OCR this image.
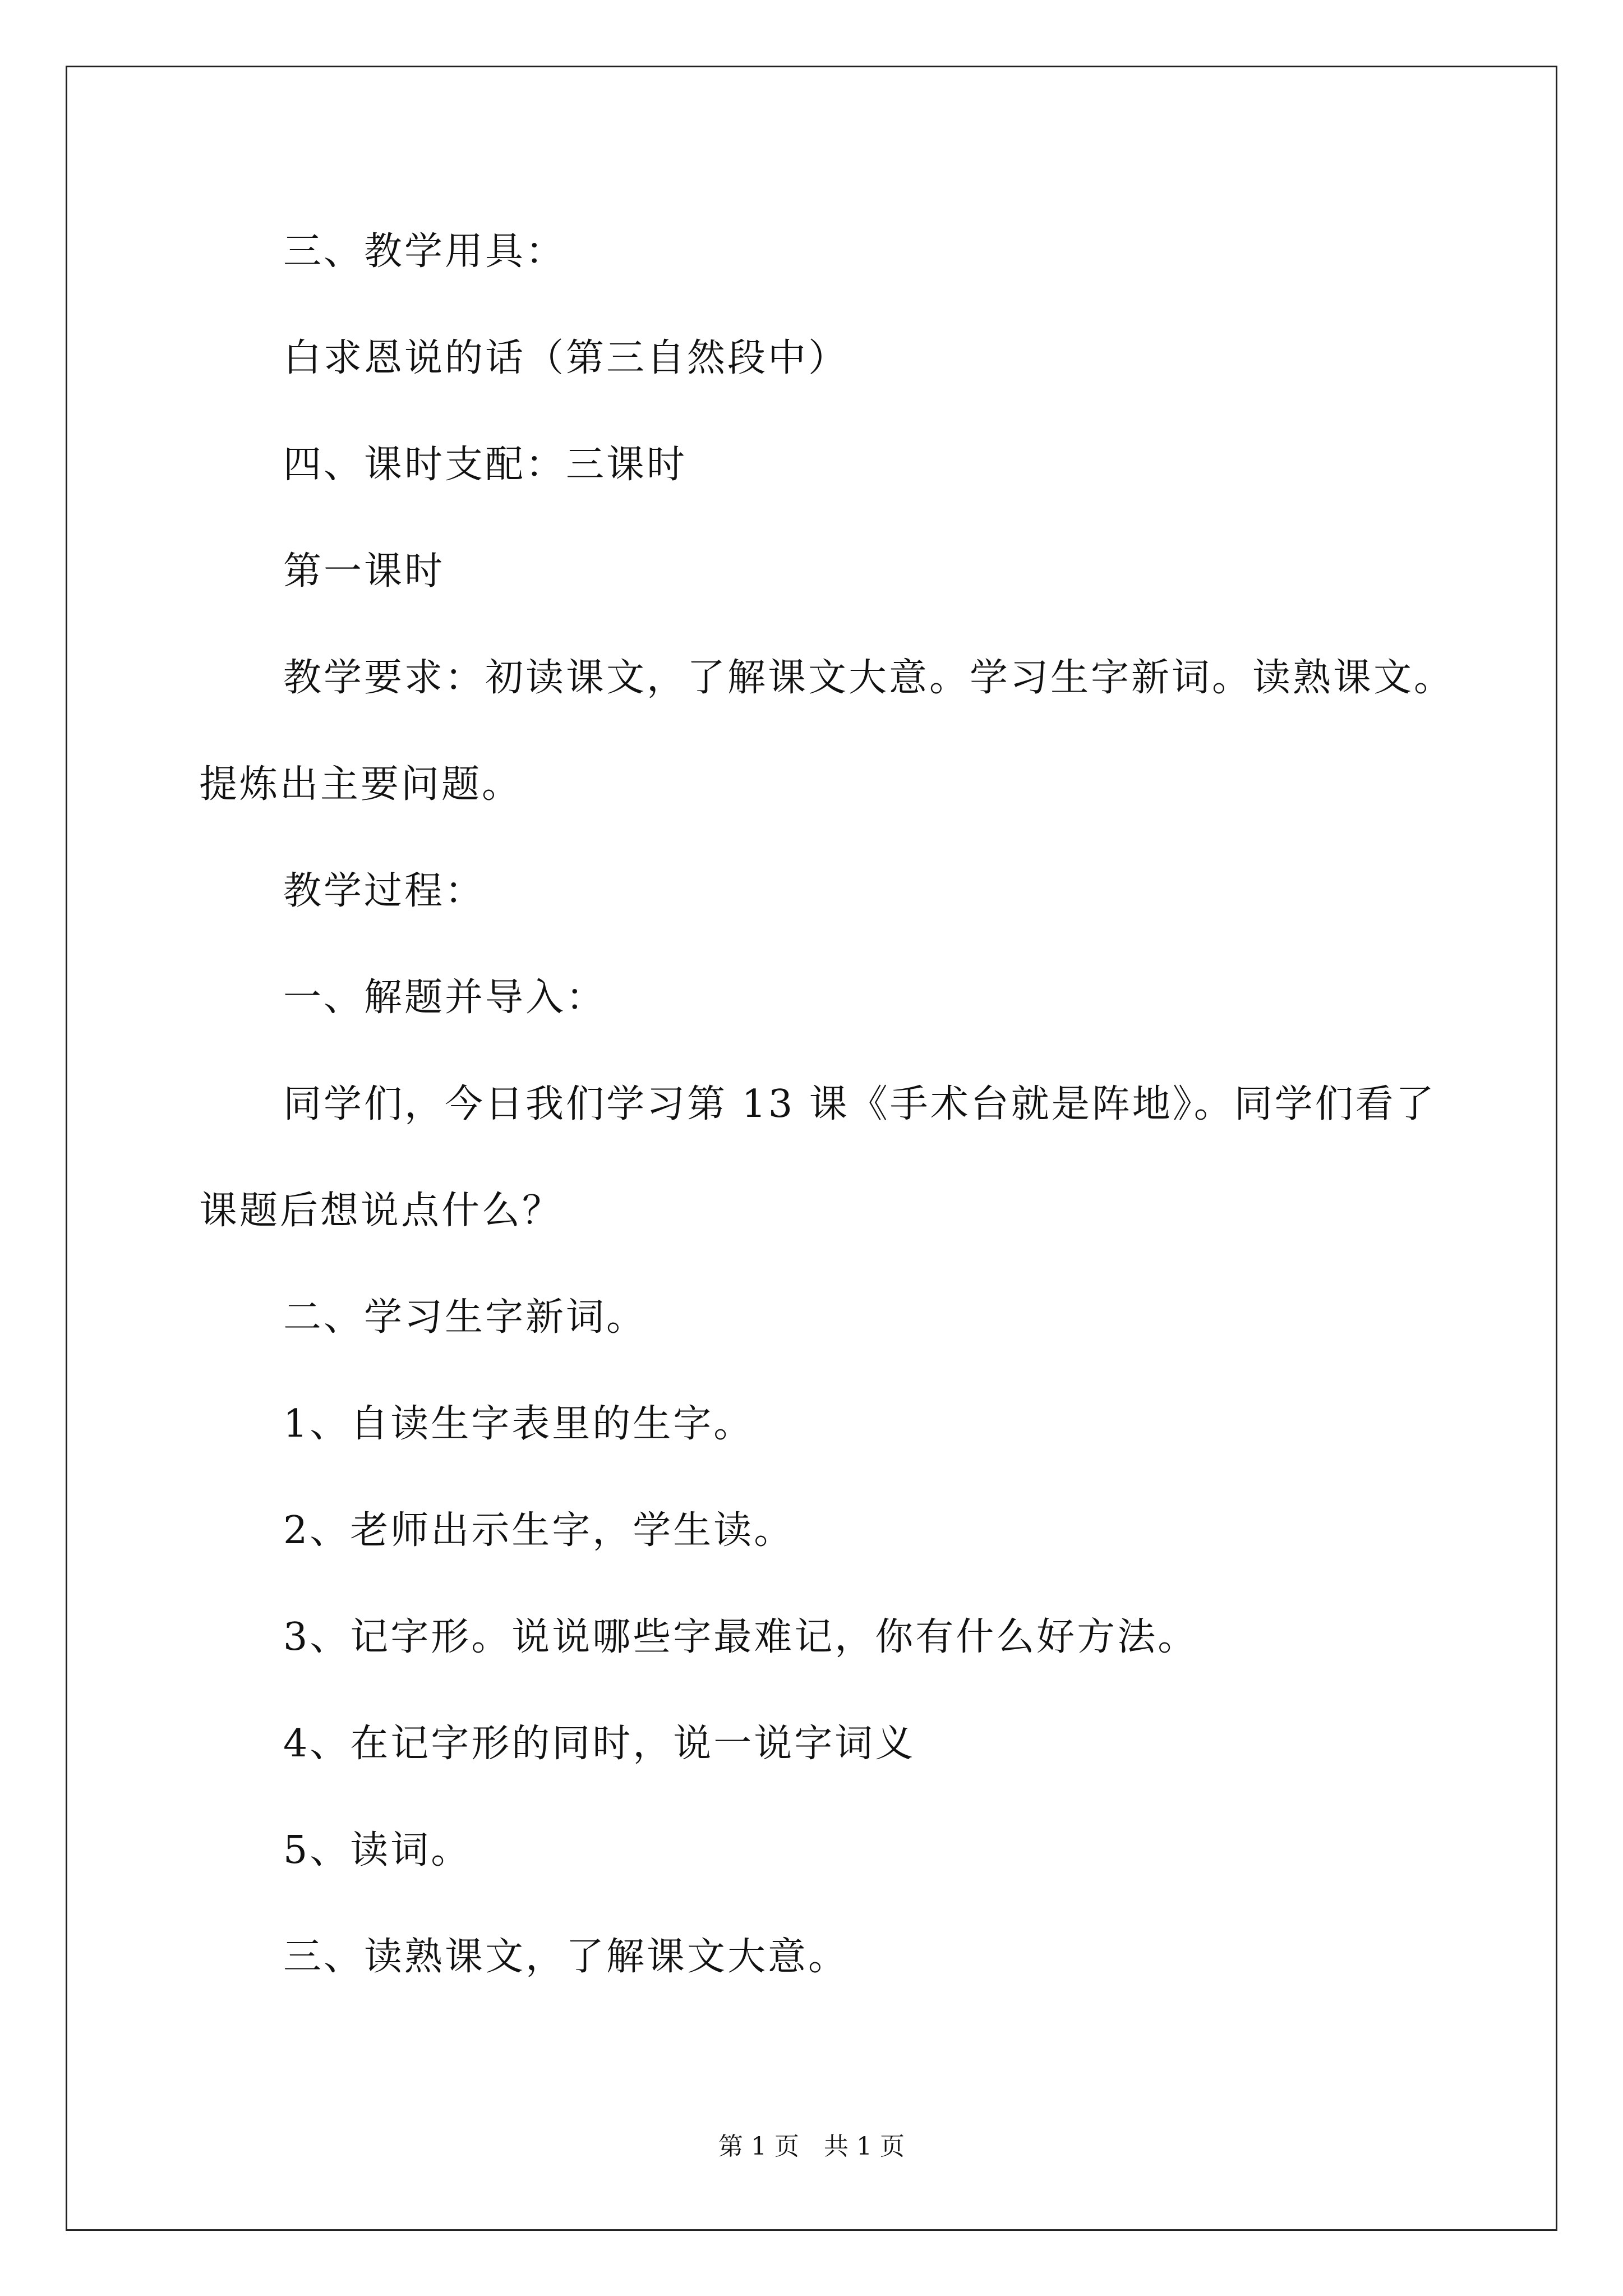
三、教学用具：
白求恩说的话（第三自然段中）
四、课时支配：三课时
第一课时
教学要求：初读课文，了解课文大意。学习生字新词。读熟课文。
提炼出主要问题。
教学过程：
一、解题并导入：
同学们，今日我们学习第 13 课《手术台就是阵地》。同学们看了
课题后想说点什么？
二、学习生字新词。
1、自读生字表里的生字。
2、老师出示生字，学生读。
3、记字形。说说哪些字最难记，你有什么好方法。
4、在记字形的同时，说一说字词义
5、读词。
三、读熟课文，了解课文大意。
第 1 页　共 1 页
